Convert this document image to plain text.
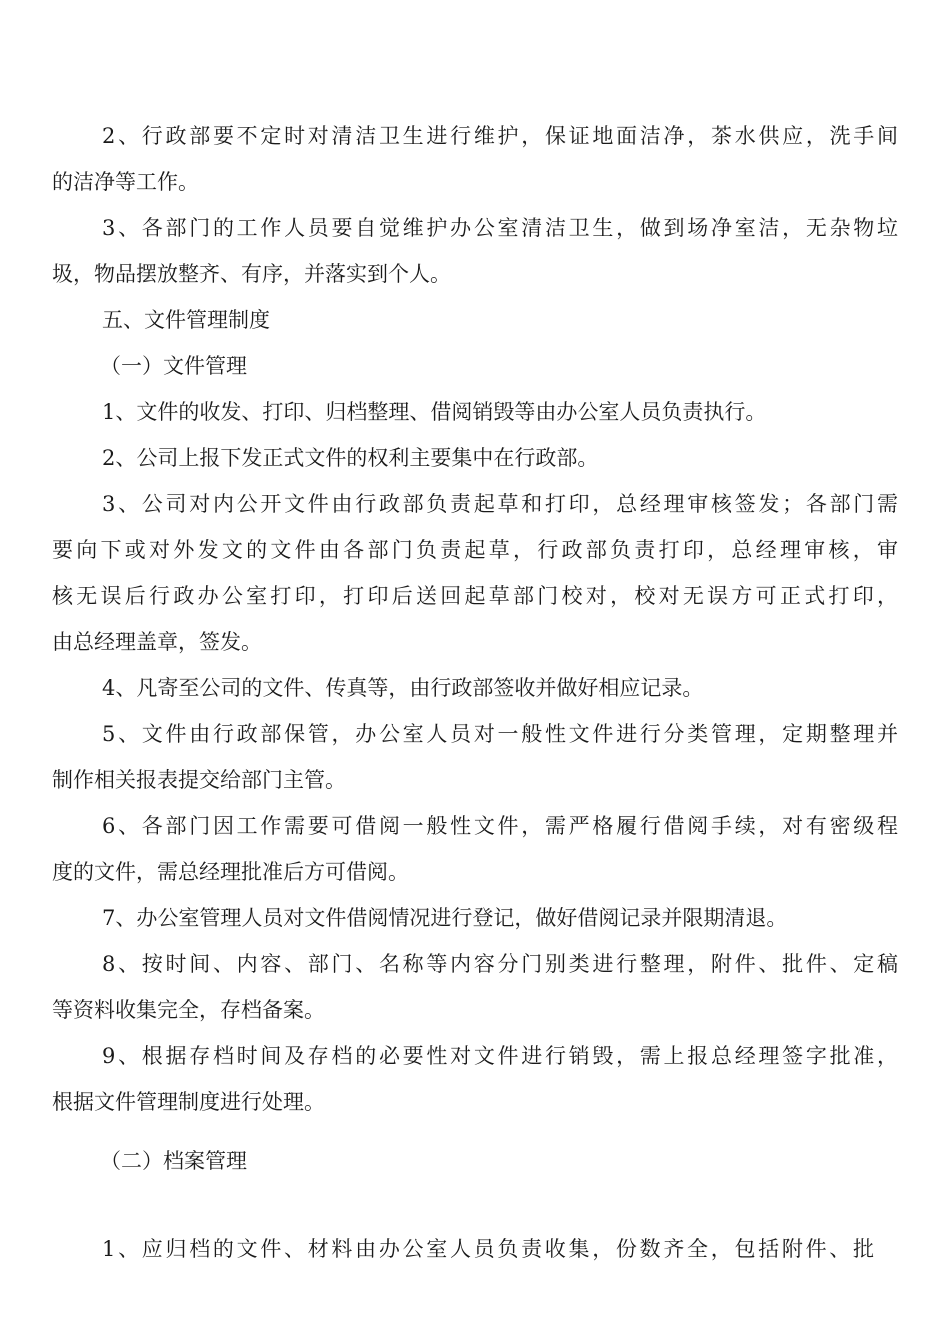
2、行政部要不定时对清洁卫生进行维护，保证地面洁净，茶水供应，洗手间
的洁净等工作。
3、各部门的工作人员要自觉维护办公室清洁卫生，做到场净室洁，无杂物垃
圾，物品摆放整齐、有序，并落实到个人。
五、文件管理制度
（一）文件管理
1、文件的收发、打印、归档整理、借阅销毁等由办公室人员负责执行。
2、公司上报下发正式文件的权利主要集中在行政部。
3、公司对内公开文件由行政部负责起草和打印，总经理审核签发；各部门需
要向下或对外发文的文件由各部门负责起草，行政部负责打印，总经理审核，审
核无误后行政办公室打印，打印后送回起草部门校对，校对无误方可正式打印，
由总经理盖章，签发。
4、凡寄至公司的文件、传真等，由行政部签收并做好相应记录。
5、文件由行政部保管，办公室人员对一般性文件进行分类管理，定期整理并
制作相关报表提交给部门主管。
6、各部门因工作需要可借阅一般性文件，需严格履行借阅手续，对有密级程
度的文件，需总经理批准后方可借阅。
7、办公室管理人员对文件借阅情况进行登记，做好借阅记录并限期清退。
8、按时间、内容、部门、名称等内容分门别类进行整理，附件、批件、定稿
等资料收集完全，存档备案。
9、根据存档时间及存档的必要性对文件进行销毁，需上报总经理签字批准，
根据文件管理制度进行处理。
（二）档案管理
1、应归档的文件、材料由办公室人员负责收集，份数齐全，包括附件、批
